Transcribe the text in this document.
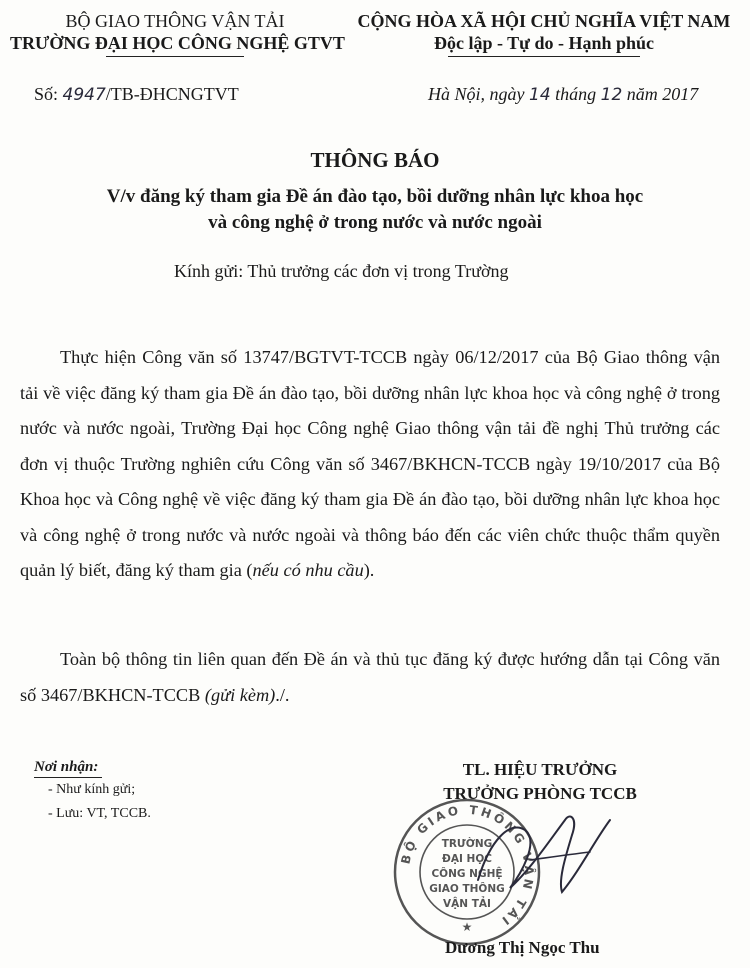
BỘ GIAO THÔNG VẬN TẢI
TRƯỜNG ĐẠI HỌC CÔNG NGHỆ GTVT
CỘNG HÒA XÃ HỘI CHỦ NGHĨA VIỆT NAM
Độc lập - Tự do - Hạnh phúc
Số: 4947/TB-ĐHCNGTVT	Hà Nội, ngày 14 tháng 12 năm 2017
THÔNG BÁO
V/v đăng ký tham gia Đề án đào tạo, bồi dưỡng nhân lực khoa học
và công nghệ ở trong nước và nước ngoài
Kính gửi: Thủ trưởng các đơn vị trong Trường
Thực hiện Công văn số 13747/BGTVT-TCCB ngày 06/12/2017 của Bộ Giao thông vận tải về việc đăng ký tham gia Đề án đào tạo, bồi dưỡng nhân lực khoa học và công nghệ ở trong nước và nước ngoài, Trường Đại học Công nghệ Giao thông vận tải đề nghị Thủ trưởng các đơn vị thuộc Trường nghiên cứu Công văn số 3467/BKHCN-TCCB ngày 19/10/2017 của Bộ Khoa học và Công nghệ về việc đăng ký tham gia Đề án đào tạo, bồi dưỡng nhân lực khoa học và công nghệ ở trong nước và nước ngoài và thông báo đến các viên chức thuộc thẩm quyền quản lý biết, đăng ký tham gia (nếu có nhu cầu).
Toàn bộ thông tin liên quan đến Đề án và thủ tục đăng ký được hướng dẫn tại Công văn số 3467/BKHCN-TCCB (gửi kèm)./.
Nơi nhận:
- Như kính gửi;
- Lưu: VT, TCCB.
TL. HIỆU TRƯỞNG
TRƯỞNG PHÒNG TCCB
BỘ GIAO THÔNG VẬN TẢI
TRƯỜNG
ĐẠI HỌC
CÔNG NGHỆ
GIAO THÔNG
VẬN TẢI
★
Dương Thị Ngọc Thu
